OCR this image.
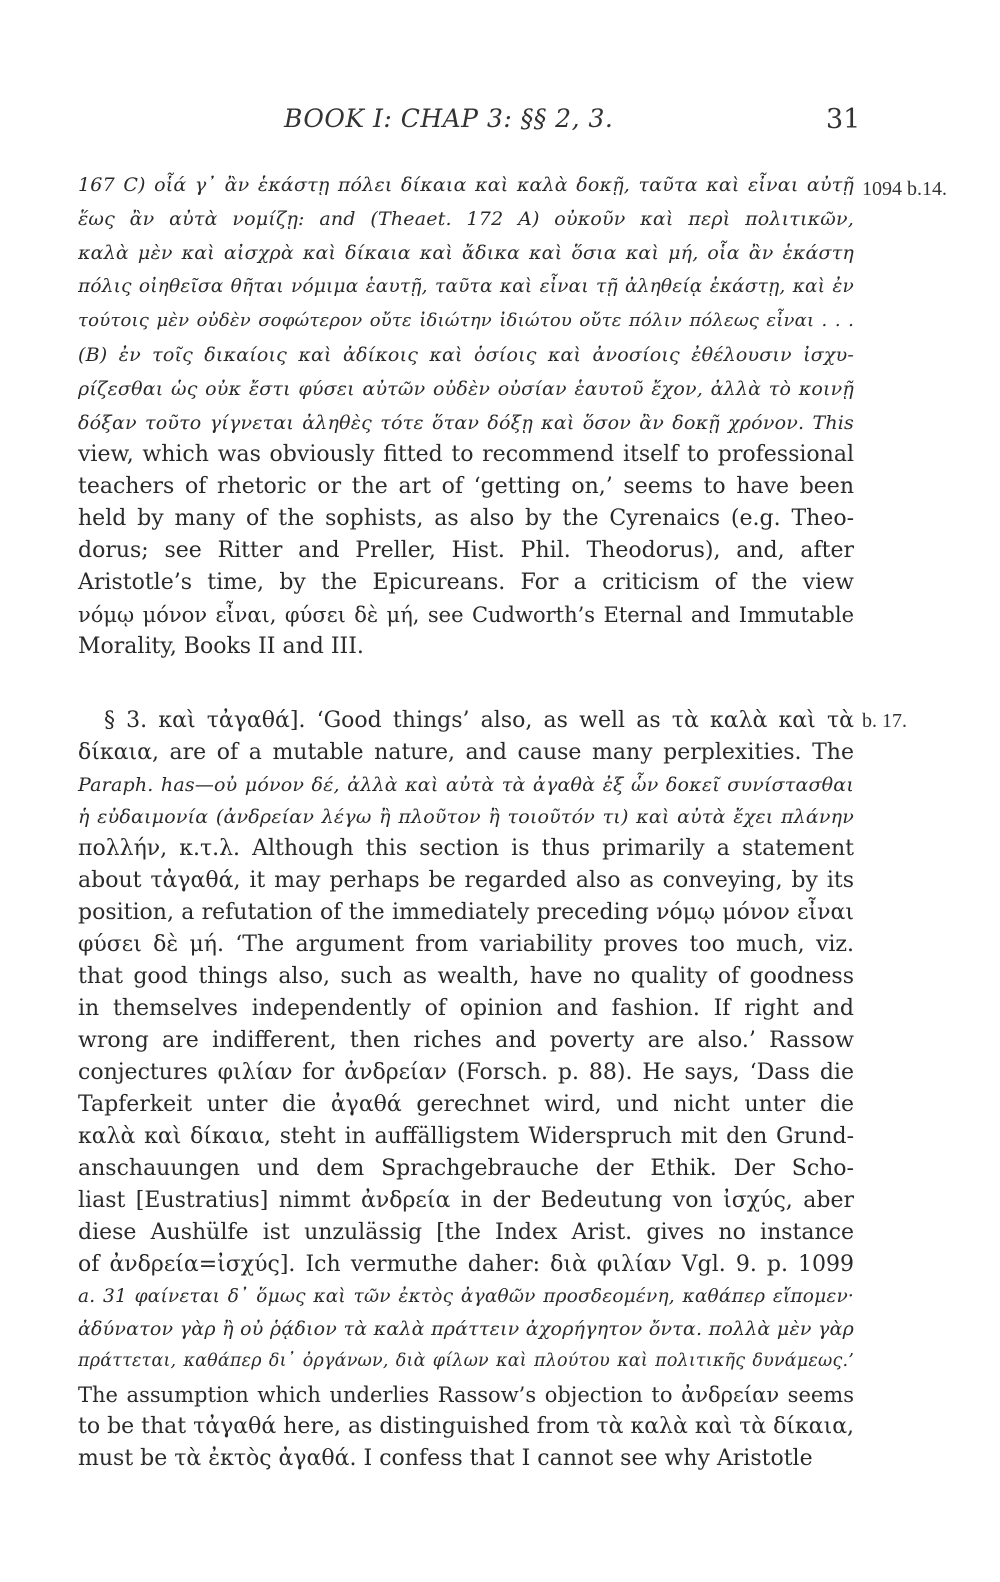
BOOK I: CHAP 3: §§ 2, 3.	31
1094 b.14.
b. 17.
167 C) οἷά γ᾽ ἂν ἑκάστῃ πόλει δίκαια καὶ καλὰ δοκῇ, ταῦτα καὶ εἶναι αὐτῇ
ἕως ἂν αὐτὰ νομίζῃ: and (Theaet. 172 A) οὐκοῦν καὶ περὶ πολιτικῶν,
καλὰ μὲν καὶ αἰσχρὰ καὶ δίκαια καὶ ἄδικα καὶ ὅσια καὶ μή, οἷα ἂν ἑκάστη
πόλις οἰηθεῖσα θῆται νόμιμα ἑαυτῇ, ταῦτα καὶ εἶναι τῇ ἀληθείᾳ ἑκάστῃ, καὶ ἐν
τούτοις μὲν οὐδὲν σοφώτερον οὔτε ἰδιώτην ἰδιώτου οὔτε πόλιν πόλεως εἶναι . . .
(B) ἐν τοῖς δικαίοις καὶ ἀδίκοις καὶ ὁσίοις καὶ ἀνοσίοις ἐθέλουσιν ἰσχυ-
ρίζεσθαι ὡς οὐκ ἔστι φύσει αὐτῶν οὐδὲν οὐσίαν ἑαυτοῦ ἔχον, ἀλλὰ τὸ κοινῇ
δόξαν τοῦτο γίγνεται ἀληθὲς τότε ὅταν δόξῃ καὶ ὅσον ἂν δοκῇ χρόνον. This
view, which was obviously fitted to recommend itself to professional
teachers of rhetoric or the art of ‘getting on,’ seems to have been
held by many of the sophists, as also by the Cyrenaics (e.g. Theo-
dorus; see Ritter and Preller, Hist. Phil. Theodorus), and, after
Aristotle’s time, by the Epicureans. For a criticism of the view
νόμῳ μόνον εἶναι, φύσει δὲ μή, see Cudworth’s Eternal and Immutable
Morality, Books II and III.
§ 3. καὶ τἀγαθά]. ‘Good things’ also, as well as τὰ καλὰ καὶ τὰ
δίκαια, are of a mutable nature, and cause many perplexities. The
Paraph. has—οὐ μόνον δέ, ἀλλὰ καὶ αὐτὰ τὰ ἀγαθὰ ἐξ ὧν δοκεῖ συνίστασθαι
ἡ εὐδαιμονία (ἀνδρείαν λέγω ἢ πλοῦτον ἢ τοιοῦτόν τι) καὶ αὐτὰ ἔχει πλάνην
πολλήν, κ.τ.λ. Although this section is thus primarily a statement
about τἀγαθά, it may perhaps be regarded also as conveying, by its
position, a refutation of the immediately preceding νόμῳ μόνον εἶναι
φύσει δὲ μή. ‘The argument from variability proves too much, viz.
that good things also, such as wealth, have no quality of goodness
in themselves independently of opinion and fashion. If right and
wrong are indifferent, then riches and poverty are also.’ Rassow
conjectures φιλίαν for ἀνδρείαν (Forsch. p. 88). He says, ‘Dass die
Tapferkeit unter die ἀγαθά gerechnet wird, und nicht unter die
καλὰ καὶ δίκαια, steht in auffälligstem Widerspruch mit den Grund-
anschauungen und dem Sprachgebrauche der Ethik. Der Scho-
liast [Eustratius] nimmt ἀνδρεία in der Bedeutung von ἰσχύς, aber
diese Aushülfe ist unzulässig [the Index Arist. gives no instance
of ἀνδρεία=ἰσχύς]. Ich vermuthe daher: διὰ φιλίαν Vgl. 9. p. 1099
a. 31 φαίνεται δ᾽ ὅμως καὶ τῶν ἐκτὸς ἀγαθῶν προσδεομένη, καθάπερ εἴπομεν·
ἀδύνατον γὰρ ἢ οὐ ῥᾴδιον τὰ καλὰ πράττειν ἀχορήγητον ὄντα. πολλὰ μὲν γὰρ
πράττεται, καθάπερ δι᾽ ὀργάνων, διὰ φίλων καὶ πλούτου καὶ πολιτικῆς δυνάμεως.’
The assumption which underlies Rassow’s objection to ἀνδρείαν seems
to be that τἀγαθά here, as distinguished from τὰ καλὰ καὶ τὰ δίκαια,
must be τὰ ἐκτὸς ἀγαθά. I confess that I cannot see why Aristotle
